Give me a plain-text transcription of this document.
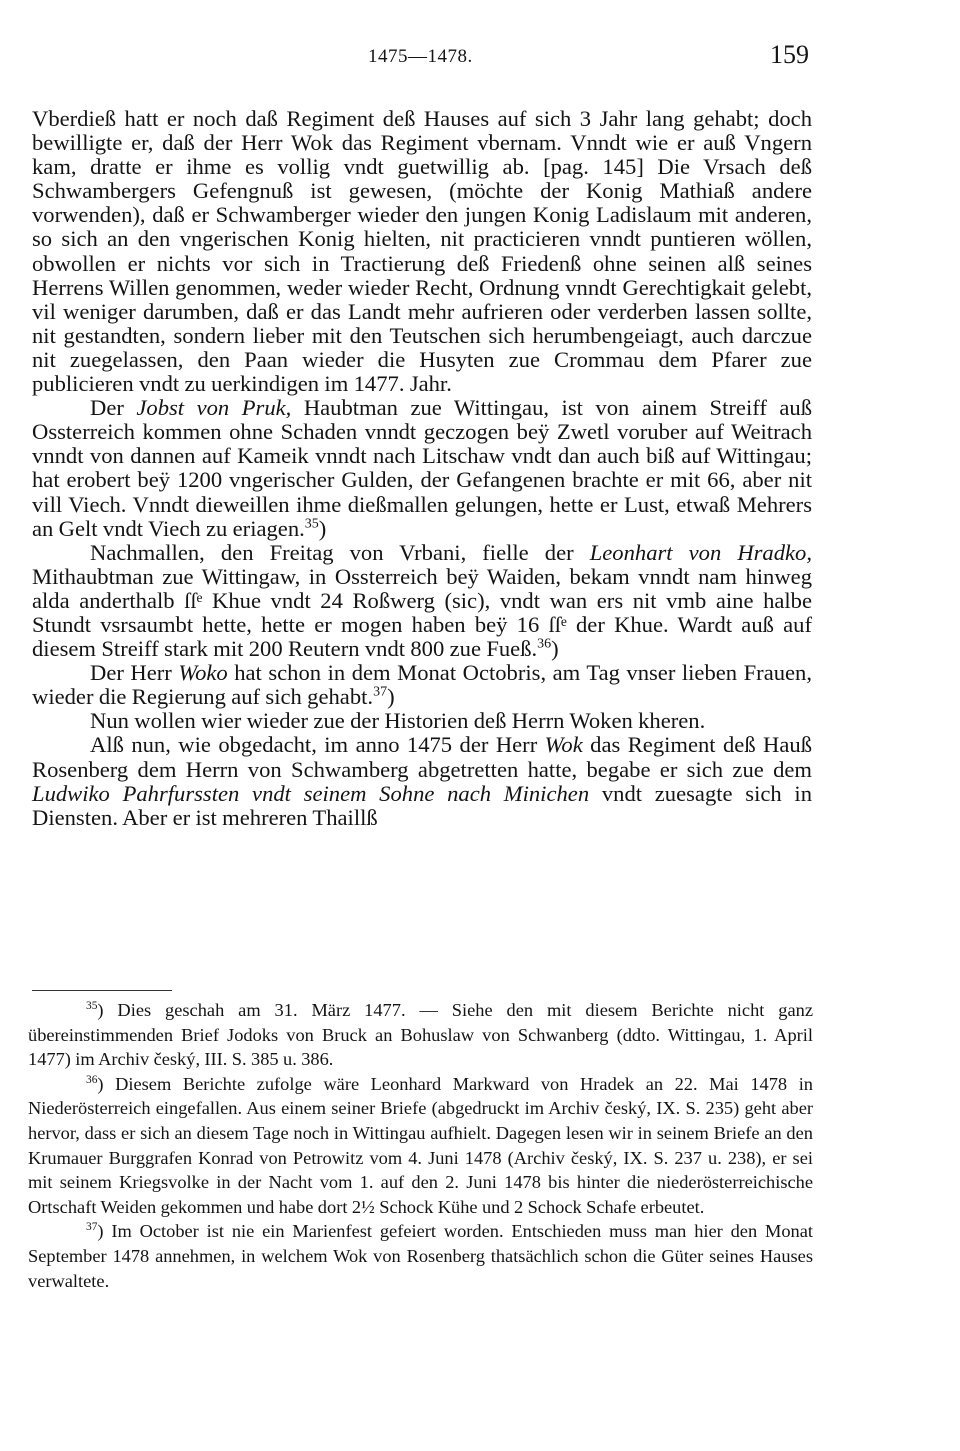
1475—1478.	159

Vberdieß hatt er noch daß Regiment deß Hauses auf sich 3 Jahr lang gehabt; doch bewilligte er, daß der Herr Wok das Regiment vbernam. Vnndt wie er auß Vngern kam, dratte er ihme es vollig vndt guetwillig ab. [pag. 145] Die Vrsach deß Schwambergers Gefengnuß ist gewesen, (möchte der Konig Mathiaß andere vorwenden), daß er Schwamberger wieder den jungen Konig Ladislaum mit anderen, so sich an den vngerischen Konig hielten, nit practicieren vnndt puntieren wöllen, obwollen er nichts vor sich in Tractierung deß Friedenß ohne seinen alß seines Herrens Willen genommen, weder wieder Recht, Ordnung vnndt Gerechtigkait gelebt, vil weniger darumben, daß er das Landt mehr aufrieren oder verderben lassen sollte, nit gestandten, sondern lieber mit den Teutschen sich herumbengeiagt, auch darczue nit zuegelassen, den Paan wieder die Husyten zue Crommau dem Pfarer zue publicieren vndt zu uerkindigen im 1477. Jahr.

Der Jobst von Pruk, Haubtman zue Wittingau, ist von ainem Streiff auß Ossterreich kommen ohne Schaden vnndt geczogen beÿ Zwetl voruber auf Weitrach vnndt von dannen auf Kameik vnndt nach Litschaw vndt dan auch biß auf Wittingau; hat erobert beÿ 1200 vngerischer Gulden, der Gefangenen brachte er mit 66, aber nit vill Viech. Vnndt dieweillen ihme dießmallen gelungen, hette er Lust, etwaß Mehrers an Gelt vndt Viech zu eriagen.$^{35}$)

Nachmallen, den Freitag von Vrbani, fielle der Leonhart von Hradko, Mithaubtman zue Wittingaw, in Ossterreich beÿ Waiden, bekam vnndt nam hinweg alda anderthalb ſſᵉ Khue vndt 24 Roßwerg (sic), vndt wan ers nit vmb aine halbe Stundt vsrsaumbt hette, hette er mogen haben beÿ 16 ſſᵉ der Khue. Wardt auß auf diesem Streiff stark mit 200 Reutern vndt 800 zue Fueß.$^{36}$)

Der Herr Woko hat schon in dem Monat Octobris, am Tag vnser lieben Frauen, wieder die Regierung auf sich gehabt.$^{37}$)

Nun wollen wier wieder zue der Historien deß Herrn Woken kheren.

Alß nun, wie obgedacht, im anno 1475 der Herr Wok das Regiment deß Hauß Rosenberg dem Herrn von Schwamberg abgetretten hatte, begabe er sich zue dem Ludwiko Pahrfurssten vndt seinem Sohne nach Minichen vndt zuesagte sich in Diensten. Aber er ist mehreren Thaillß

$^{35}$) Dies geschah am 31. März 1477. — Siehe den mit diesem Berichte nicht ganz übereinstimmenden Brief Jodoks von Bruck an Bohuslaw von Schwanberg (ddto. Wittingau, 1. April 1477) im Archiv český, III. S. 385 u. 386.

$^{36}$) Diesem Berichte zufolge wäre Leonhard Markward von Hradek an 22. Mai 1478 in Niederösterreich eingefallen. Aus einem seiner Briefe (abgedruckt im Archiv český, IX. S. 235) geht aber hervor, dass er sich an diesem Tage noch in Wittingau aufhielt. Dagegen lesen wir in seinem Briefe an den Krumauer Burggrafen Konrad von Petrowitz vom 4. Juni 1478 (Archiv český, IX. S. 237 u. 238), er sei mit seinem Kriegsvolke in der Nacht vom 1. auf den 2. Juni 1478 bis hinter die niederösterreichische Ortschaft Weiden gekommen und habe dort 2½ Schock Kühe und 2 Schock Schafe erbeutet.

$^{37}$) Im October ist nie ein Marienfest gefeiert worden. Entschieden muss man hier den Monat September 1478 annehmen, in welchem Wok von Rosenberg thatsächlich schon die Güter seines Hauses verwaltete.
